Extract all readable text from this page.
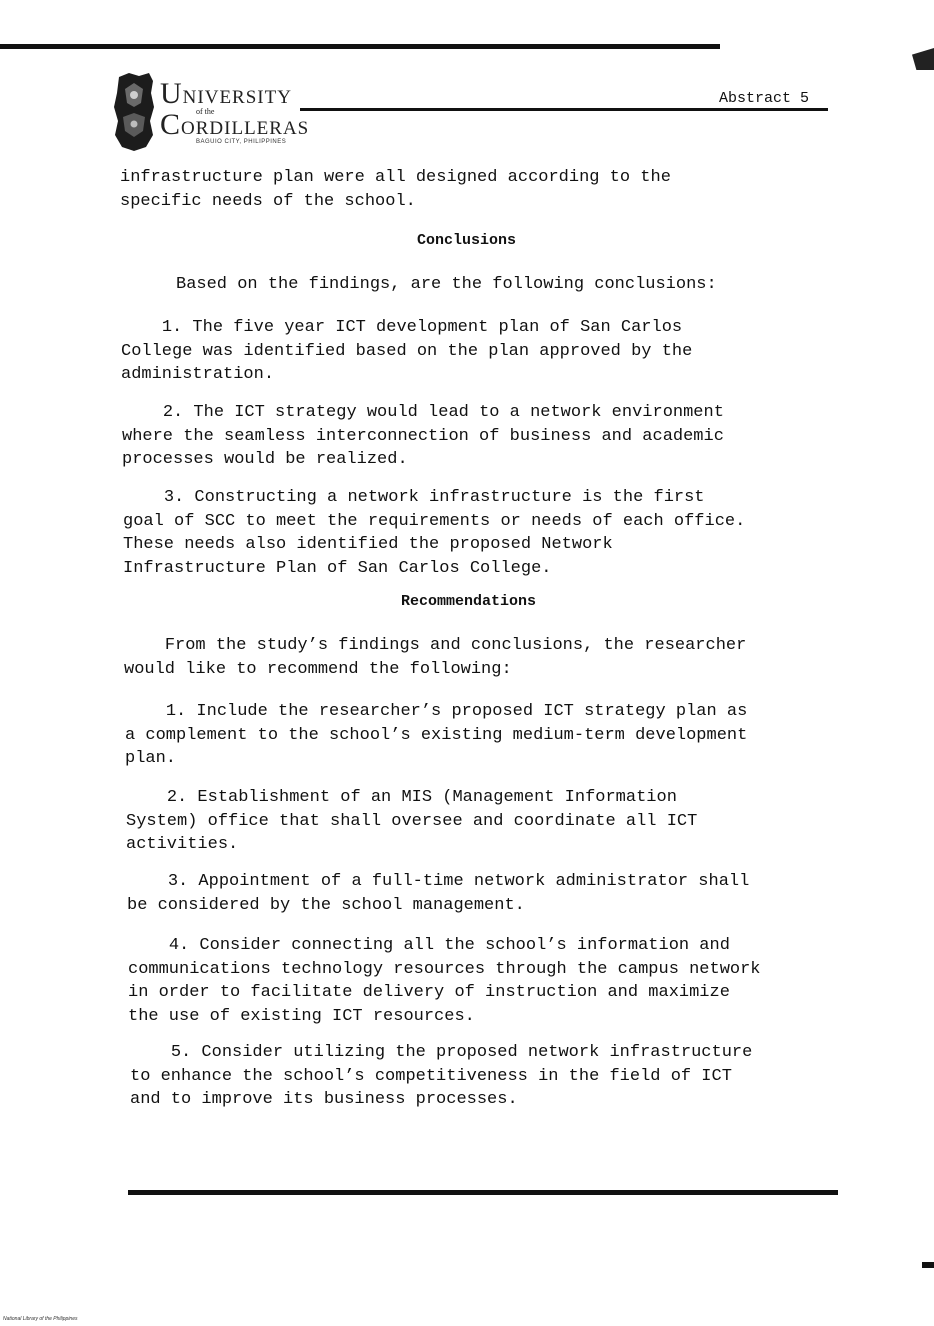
UNIVERSITY
of the
CORDILLERAS
BAGUIO CITY, PHILIPPINES
Abstract 5
infrastructure plan were all designed according to the
specific needs of the school.
Conclusions
Based on the findings, are the following conclusions:
1. The five year ICT development plan of San Carlos
College was identified based on the plan approved by the
administration.
2. The ICT strategy would lead to a network environment
where the seamless interconnection of business and academic
processes would be realized.
3. Constructing a network infrastructure is the first
goal of SCC to meet the requirements or needs of each office.
These needs also identified the proposed Network
Infrastructure Plan of San Carlos College.
Recommendations
From the study’s findings and conclusions, the researcher
would like to recommend the following:
1. Include the researcher’s proposed ICT strategy plan as
a complement to the school’s existing medium-term development
plan.
2. Establishment of an MIS (Management Information
System) office that shall oversee and coordinate all ICT
activities.
3. Appointment of a full-time network administrator shall
be considered by the school management.
4. Consider connecting all the school’s information and
communications technology resources through the campus network
in order to facilitate delivery of instruction and maximize
the use of existing ICT resources.
5. Consider utilizing the proposed network infrastructure
to enhance the school’s competitiveness in the field of ICT
and to improve its business processes.
National Library of the Philippines
